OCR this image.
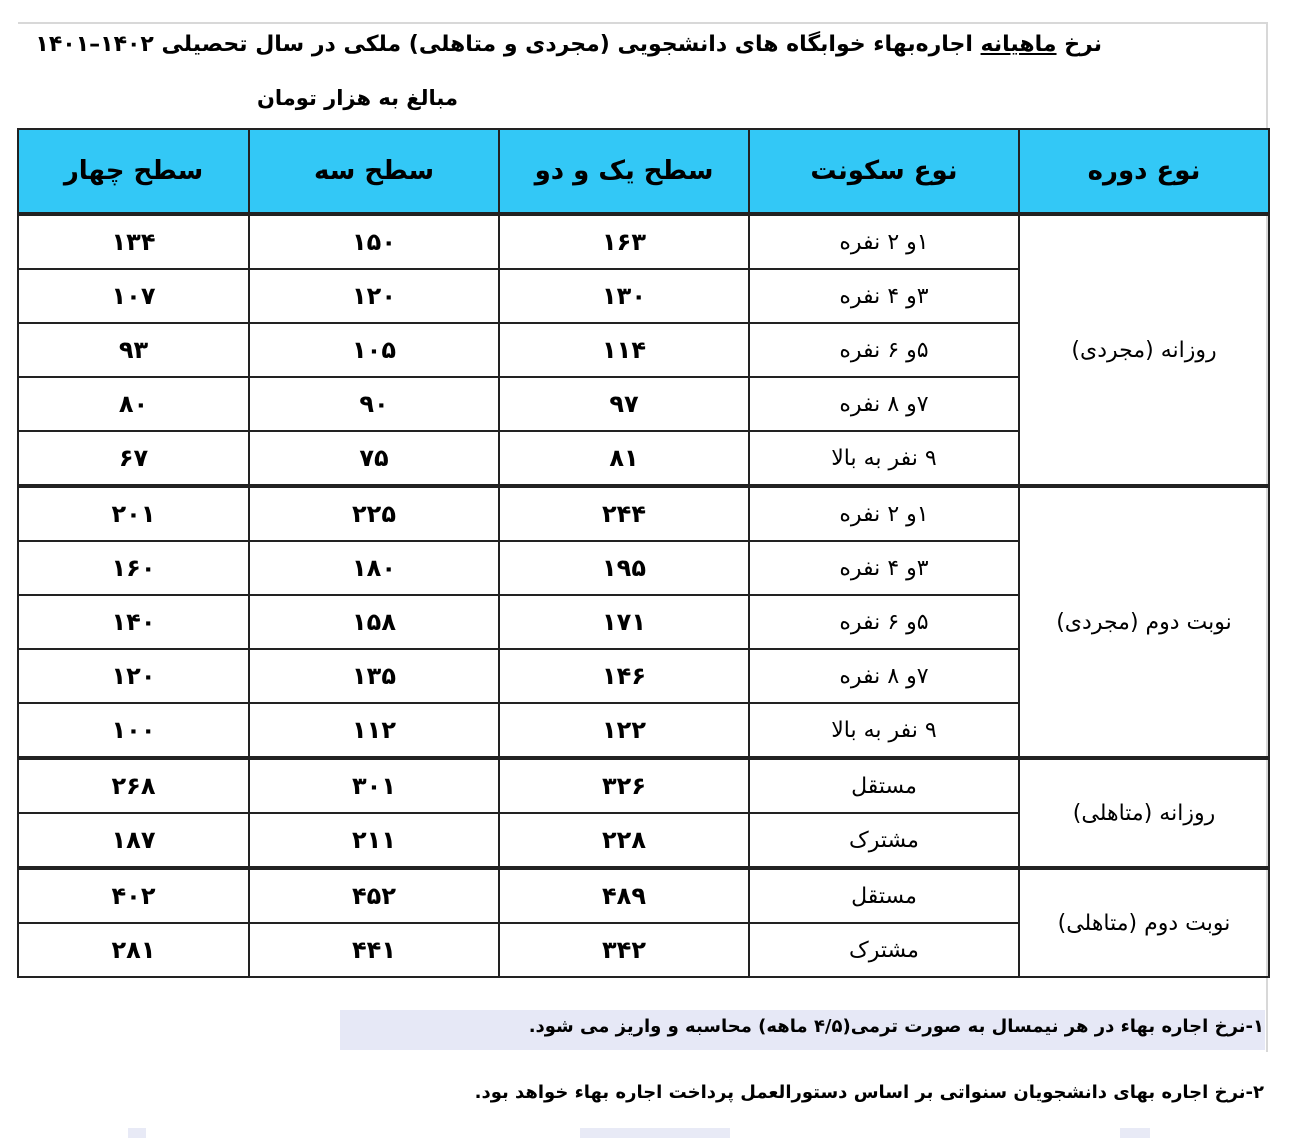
نرخ ماهیانه اجاره‌بهاء خوابگاه های دانشجویی (مجردی و متاهلی) ملکی در سال تحصیلی ۱۴۰۲–۱۴۰۱
مبالغ به هزار تومان
نوع دوره	نوع سکونت	سطح یک و دو	سطح سه	سطح چهار
روزانه (مجردی)	۱و ۲ نفره	۱۶۳	۱۵۰	۱۳۴
	۳و ۴ نفره	۱۳۰	۱۲۰	۱۰۷
	۵و ۶ نفره	۱۱۴	۱۰۵	۹۳
	۷و ۸ نفره	۹۷	۹۰	۸۰
	۹ نفر به بالا	۸۱	۷۵	۶۷
نوبت دوم (مجردی)	۱و ۲ نفره	۲۴۴	۲۲۵	۲۰۱
	۳و ۴ نفره	۱۹۵	۱۸۰	۱۶۰
	۵و ۶ نفره	۱۷۱	۱۵۸	۱۴۰
	۷و ۸ نفره	۱۴۶	۱۳۵	۱۲۰
	۹ نفر به بالا	۱۲۲	۱۱۲	۱۰۰
روزانه (متاهلی)	مستقل	۳۲۶	۳۰۱	۲۶۸
	مشترک	۲۲۸	۲۱۱	۱۸۷
نوبت دوم (متاهلی)	مستقل	۴۸۹	۴۵۲	۴۰۲
	مشترک	۳۴۲	۴۴۱	۲۸۱
۱-نرخ اجاره بهاء در هر نیمسال به صورت ترمی(۴/۵ ماهه) محاسبه و واریز می شود.
۲-نرخ اجاره بهای دانشجویان سنواتی بر اساس دستورالعمل پرداخت اجاره بهاء خواهد بود.
